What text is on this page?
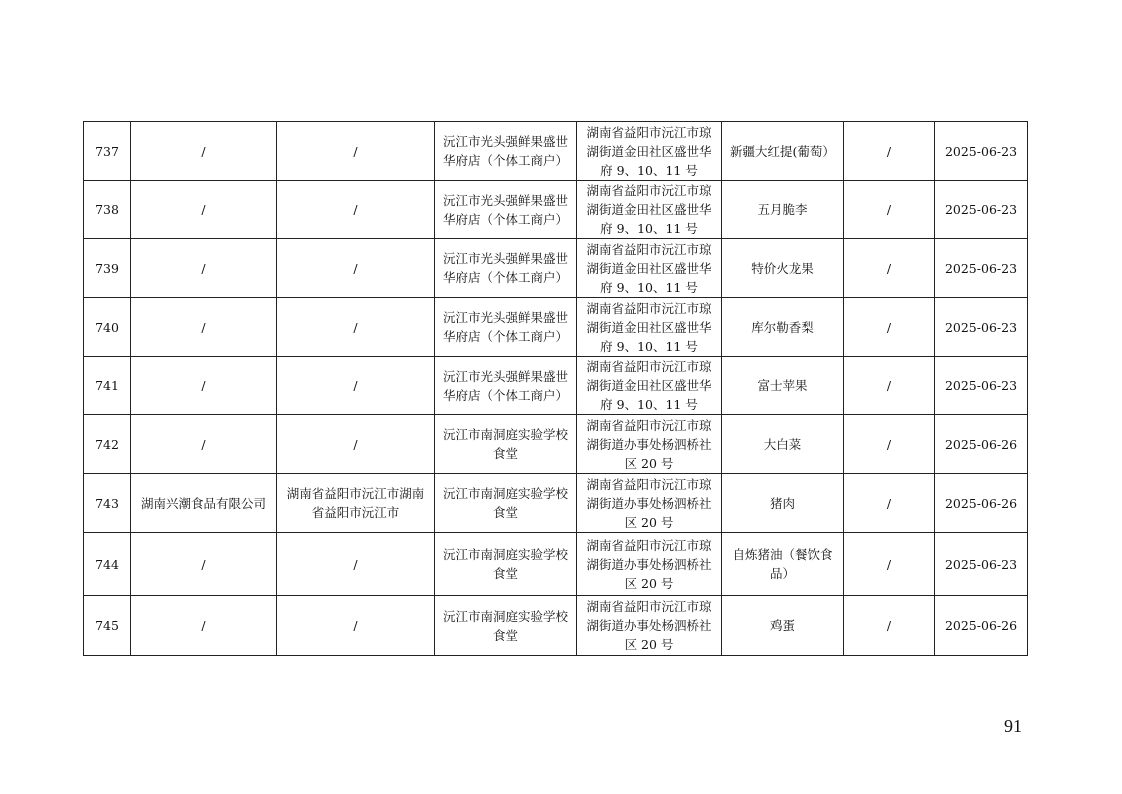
737	/	/	沅江市光头强鲜果盛世华府店（个体工商户）	湖南省益阳市沅江市琼湖街道金田社区盛世华府 9、10、11 号	新疆大红提(葡萄）	/	2025-06-23
738	/	/	沅江市光头强鲜果盛世华府店（个体工商户）	湖南省益阳市沅江市琼湖街道金田社区盛世华府 9、10、11 号	五月脆李	/	2025-06-23
739	/	/	沅江市光头强鲜果盛世华府店（个体工商户）	湖南省益阳市沅江市琼湖街道金田社区盛世华府 9、10、11 号	特价火龙果	/	2025-06-23
740	/	/	沅江市光头强鲜果盛世华府店（个体工商户）	湖南省益阳市沅江市琼湖街道金田社区盛世华府 9、10、11 号	库尔勒香梨	/	2025-06-23
741	/	/	沅江市光头强鲜果盛世华府店（个体工商户）	湖南省益阳市沅江市琼湖街道金田社区盛世华府 9、10、11 号	富士苹果	/	2025-06-23
742	/	/	沅江市南洞庭实验学校食堂	湖南省益阳市沅江市琼湖街道办事处杨泗桥社区 20 号	大白菜	/	2025-06-26
743	湖南兴潮食品有限公司	湖南省益阳市沅江市湖南省益阳市沅江市	沅江市南洞庭实验学校食堂	湖南省益阳市沅江市琼湖街道办事处杨泗桥社区 20 号	猪肉	/	2025-06-26
744	/	/	沅江市南洞庭实验学校食堂	湖南省益阳市沅江市琼湖街道办事处杨泗桥社区 20 号	自炼猪油（餐饮食品）	/	2025-06-23
745	/	/	沅江市南洞庭实验学校食堂	湖南省益阳市沅江市琼湖街道办事处杨泗桥社区 20 号	鸡蛋	/	2025-06-26
91
